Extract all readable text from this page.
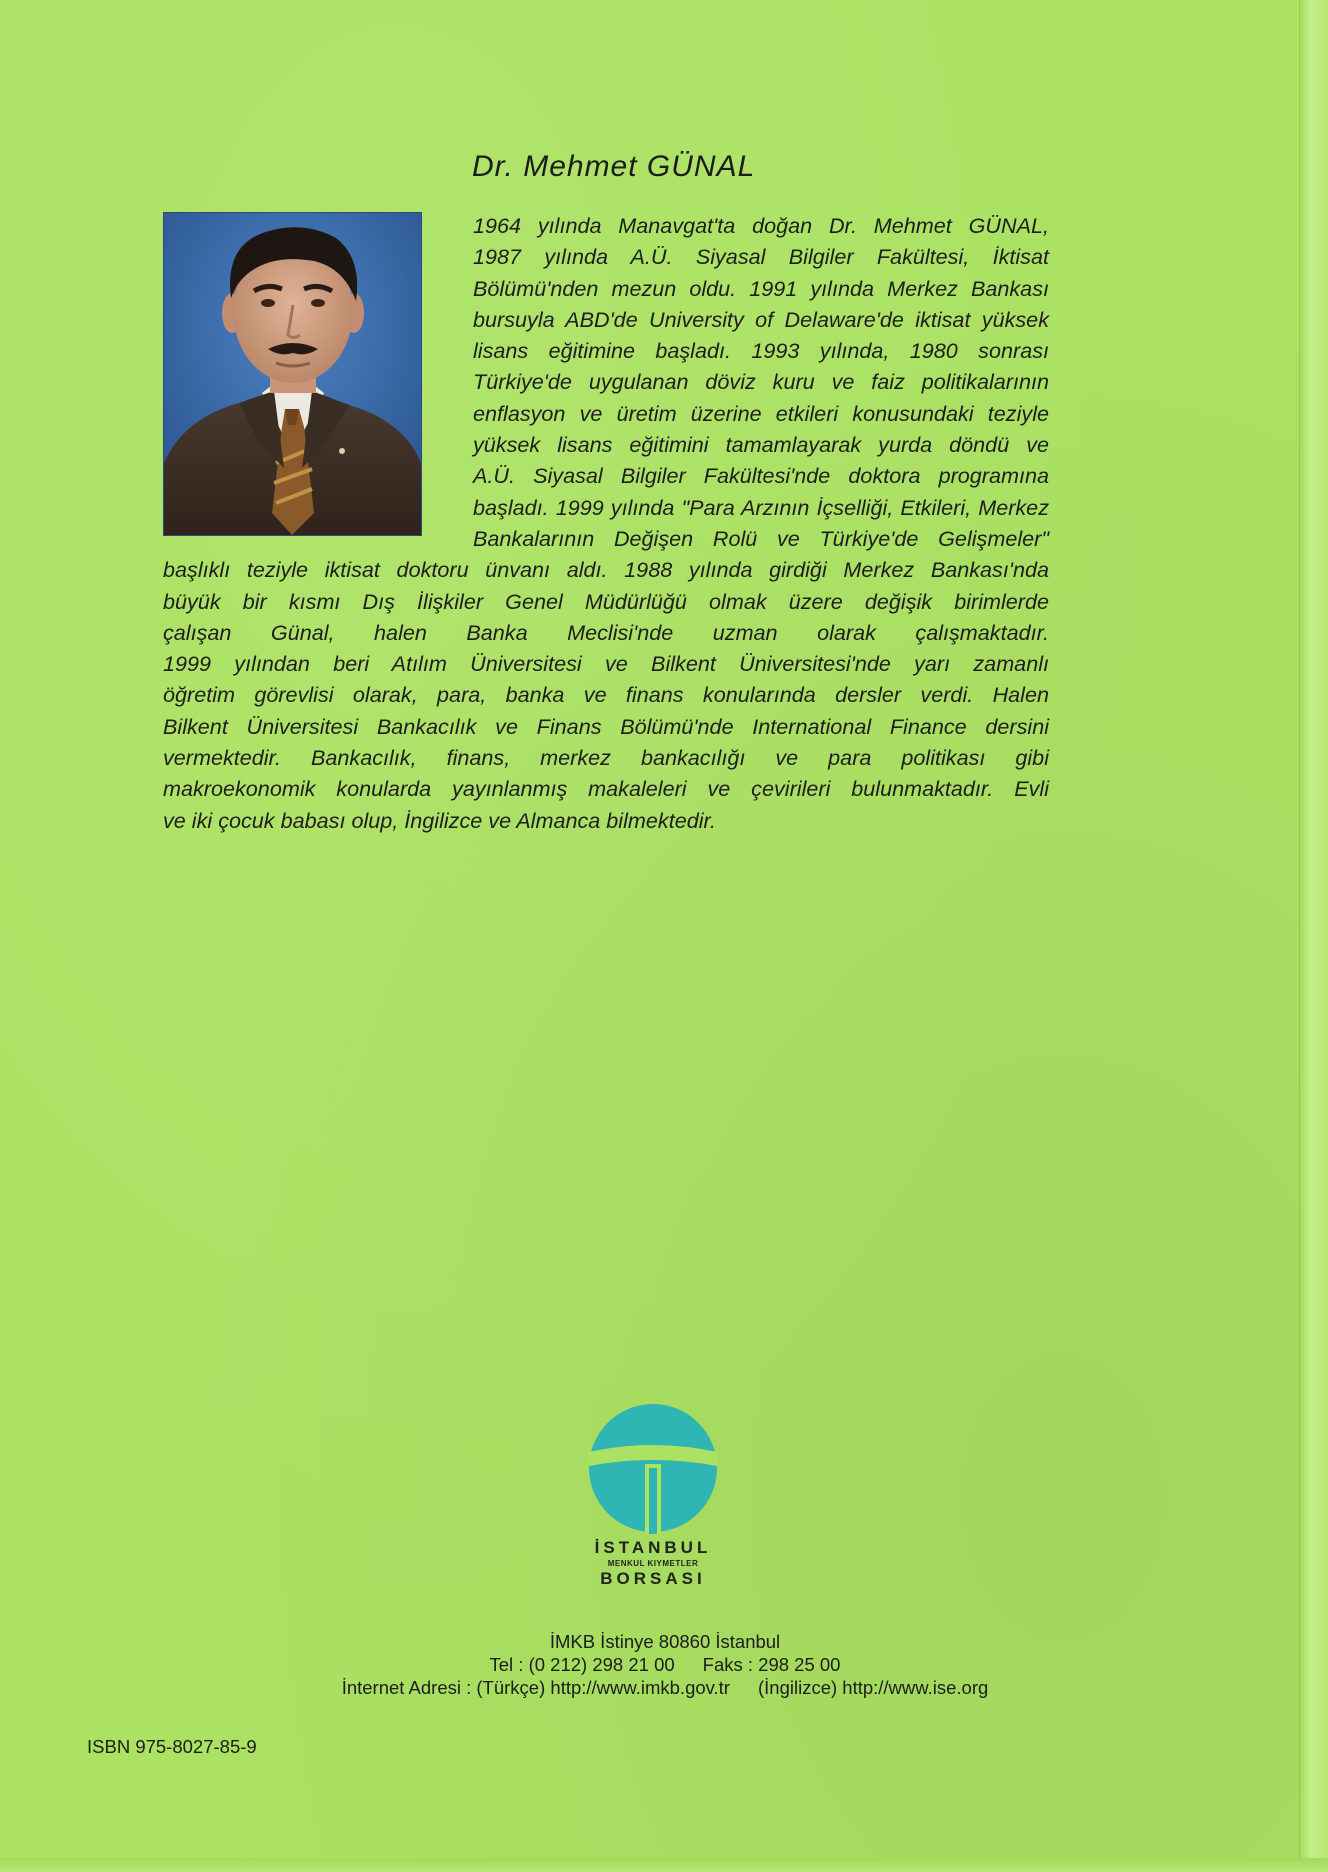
Dr. Mehmet GÜNAL
1964 yılında Manavgat'ta doğan Dr. Mehmet GÜNAL,
1987 yılında A.Ü. Siyasal Bilgiler Fakültesi, İktisat
Bölümü'nden mezun oldu. 1991 yılında Merkez Bankası
bursuyla ABD'de University of Delaware'de iktisat yüksek
lisans eğitimine başladı. 1993 yılında, 1980 sonrası
Türkiye'de uygulanan döviz kuru ve faiz politikalarının
enflasyon ve üretim üzerine etkileri konusundaki teziyle
yüksek lisans eğitimini tamamlayarak yurda döndü ve
A.Ü. Siyasal Bilgiler Fakültesi'nde doktora programına
başladı. 1999 yılında "Para Arzının İçselliği, Etkileri, Merkez
Bankalarının Değişen Rolü ve Türkiye'de Gelişmeler"
başlıklı teziyle iktisat doktoru ünvanı aldı. 1988 yılında girdiği Merkez Bankası'nda
büyük bir kısmı Dış İlişkiler Genel Müdürlüğü olmak üzere değişik birimlerde
çalışan Günal, halen Banka Meclisi'nde uzman olarak çalışmaktadır.
1999 yılından beri Atılım Üniversitesi ve Bilkent Üniversitesi'nde yarı zamanlı
öğretim görevlisi olarak, para, banka ve finans konularında dersler verdi. Halen
Bilkent Üniversitesi Bankacılık ve Finans Bölümü'nde International Finance dersini
vermektedir. Bankacılık, finans, merkez bankacılığı ve para politikası gibi
makroekonomik konularda yayınlanmış makaleleri ve çevirileri bulunmaktadır. Evli
ve iki çocuk babası olup, İngilizce ve Almanca bilmektedir.
İSTANBUL
MENKUL KIYMETLER
BORSASI
İMKB İstinye 80860 İstanbul
Tel : (0 212) 298 21 00 Faks : 298 25 00
İnternet Adresi : (Türkçe) http://www.imkb.gov.tr (İngilizce) http://www.ise.org
ISBN 975-8027-85-9
